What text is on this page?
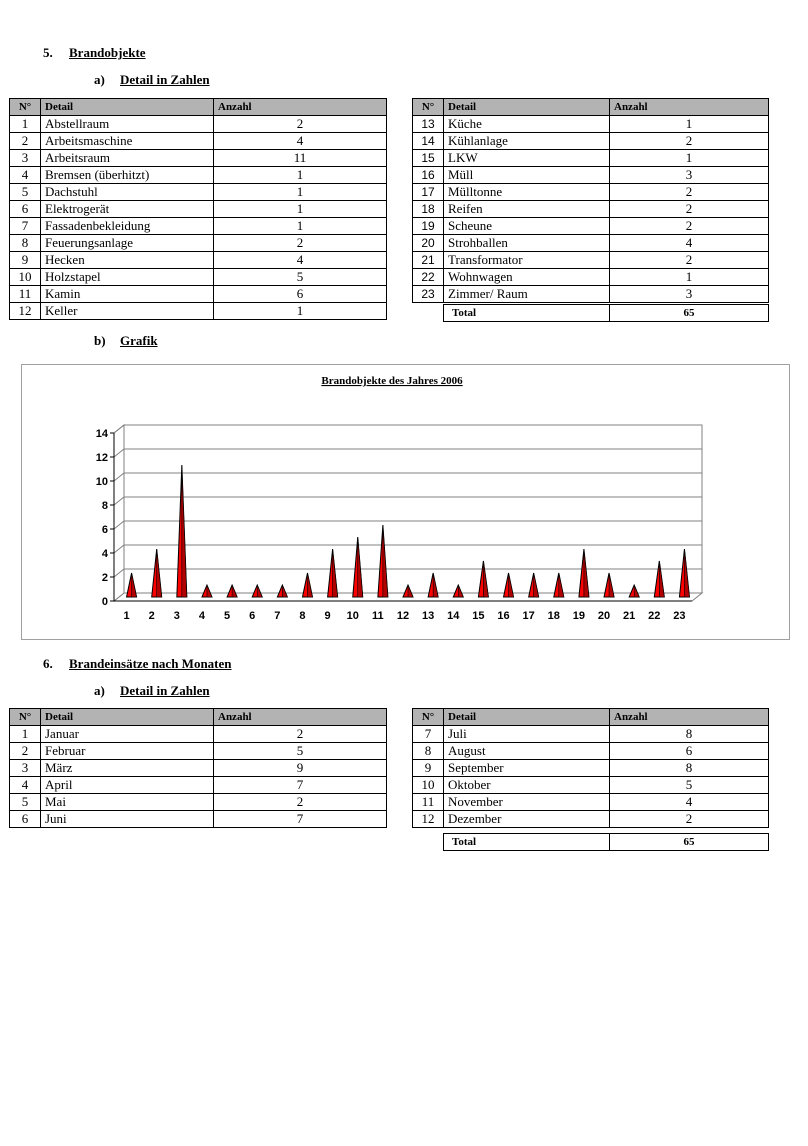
5. Brandobjekte
a) Detail in Zahlen
N°	Detail	Anzahl
1	Abstellraum	2
2	Arbeitsmaschine	4
3	Arbeitsraum	11
4	Bremsen (überhitzt)	1
5	Dachstuhl	1
6	Elektrogerät	1
7	Fassadenbekleidung	1
8	Feuerungsanlage	2
9	Hecken	4
10	Holzstapel	5
11	Kamin	6
12	Keller	1
N°	Detail	Anzahl
13	Küche	1
14	Kühlanlage	2
15	LKW	1
16	Müll	3
17	Mülltonne	2
18	Reifen	2
19	Scheune	2
20	Strohballen	4
21	Transformator	2
22	Wohnwagen	1
23	Zimmer/ Raum	3
Total	65
b) Grafik
Brandobjekte des Jahres 2006
0
2
4
6
8
10
12
14
1 2 3 4 5 6 7 8 9 10 11 12 13 14 15 16 17 18 19 20 21 22 23
6. Brandeinsätze nach Monaten
a) Detail in Zahlen
N°	Detail	Anzahl
1	Januar	2
2	Februar	5
3	März	9
4	April	7
5	Mai	2
6	Juni	7
N°	Detail	Anzahl
7	Juli	8
8	August	6
9	September	8
10	Oktober	5
11	November	4
12	Dezember	2
Total	65
